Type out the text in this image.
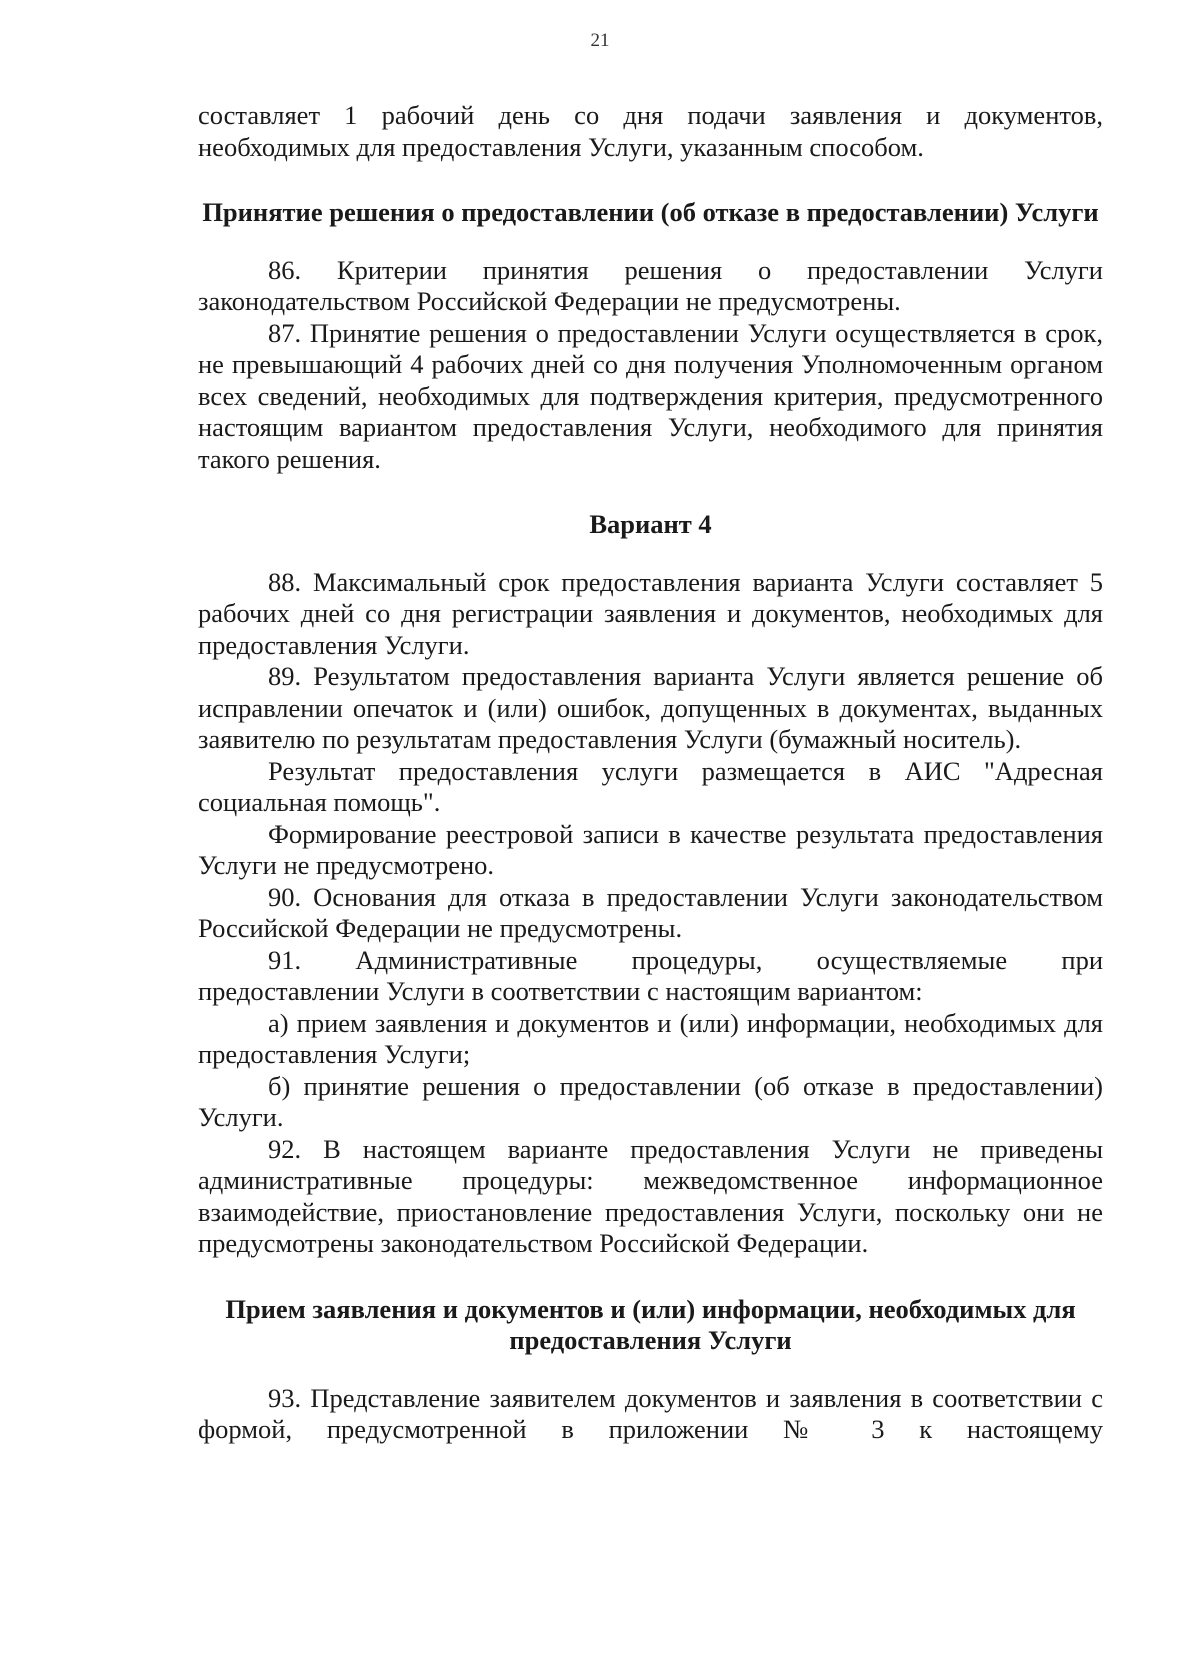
21

составляет 1 рабочий день со дня подачи заявления и документов, необходимых для предоставления Услуги, указанным способом.

Принятие решения о предоставлении (об отказе в предоставлении) Услуги

86. Критерии принятия решения о предоставлении Услуги

законодательством Российской Федерации не предусмотрены.

87. Принятие решения о предоставлении Услуги осуществляется в срок, не превышающий 4 рабочих дней со дня получения Уполномоченным органом всех сведений, необходимых для подтверждения критерия, предусмотренного настоящим вариантом предоставления Услуги, необходимого для принятия такого решения.

Вариант 4

88. Максимальный срок предоставления варианта Услуги составляет 5 рабочих дней со дня регистрации заявления и документов, необходимых для предоставления Услуги.

89. Результатом предоставления варианта Услуги является решение об исправлении опечаток и (или) ошибок, допущенных в документах, выданных заявителю по результатам предоставления Услуги (бумажный носитель).

Результат предоставления услуги размещается в АИС "Адресная социальная помощь".

Формирование реестровой записи в качестве результата предоставления Услуги не предусмотрено.

90. Основания для отказа в предоставлении Услуги законодательством Российской Федерации не предусмотрены.

91. Административные процедуры, осуществляемые при

предоставлении Услуги в соответствии с настоящим вариантом:

а) прием заявления и документов и (или) информации, необходимых для предоставления Услуги;

б) принятие решения о предоставлении (об отказе в предоставлении) Услуги.

92. В настоящем варианте предоставления Услуги не приведены административные процедуры: межведомственное информационное взаимодействие, приостановление предоставления Услуги, поскольку они не предусмотрены законодательством Российской Федерации.

Прием заявления и документов и (или) информации, необходимых для предоставления Услуги

93. Представление заявителем документов и заявления в соответствии с

формой, предусмотренной в приложении № 3 к настоящему
